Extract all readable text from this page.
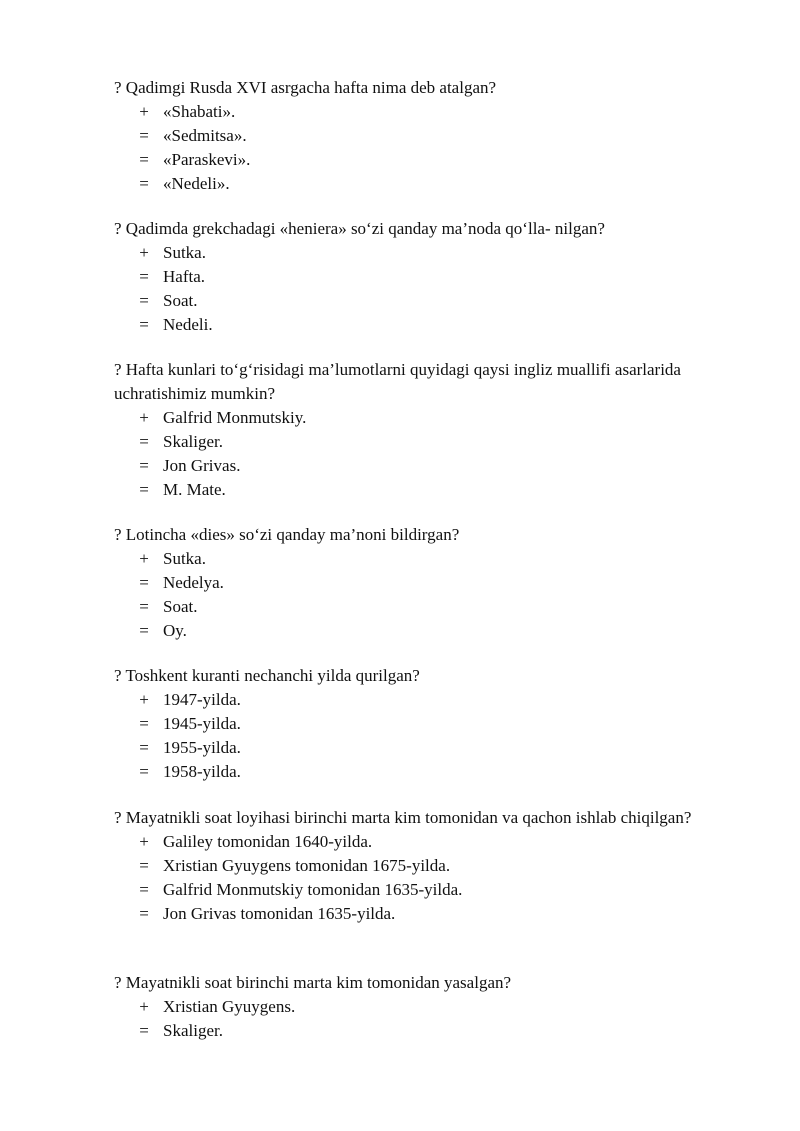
? Qadimgi Rusda XVI asrgacha hafta nima deb atalgan?

+ «Shabati».
= «Sedmitsa».
= «Paraskevi».
= «Nedeli».

? Qadimda grekchadagi «heniera» so‘zi qanday ma’noda qo‘lla- nilgan?

+ Sutka.
= Hafta.
= Soat.
= Nedeli.

? Hafta kunlari to‘g‘risidagi ma’lumotlarni quyidagi qaysi ingliz muallifi asarlarida uchratishimiz mumkin?

+ Galfrid Monmutskiy.
= Skaliger.
= Jon Grivas.
= M. Mate.

? Lotincha «dies» so‘zi qanday ma’noni bildirgan?

+ Sutka.
= Nedelya.
= Soat.
= Oy.

? Toshkent kuranti nechanchi yilda qurilgan?

+ 1947-yilda.
= 1945-yilda.
= 1955-yilda.
= 1958-yilda.

? Mayatnikli soat loyihasi birinchi marta kim tomonidan va qachon ishlab chiqilgan?

+ Galiley tomonidan 1640-yilda.
= Xristian Gyuygens tomonidan 1675-yilda.
= Galfrid Monmutskiy tomonidan 1635-yilda.
= Jon Grivas tomonidan 1635-yilda.

? Mayatnikli soat birinchi marta kim tomonidan yasalgan?

+ Xristian Gyuygens.
= Skaliger.
